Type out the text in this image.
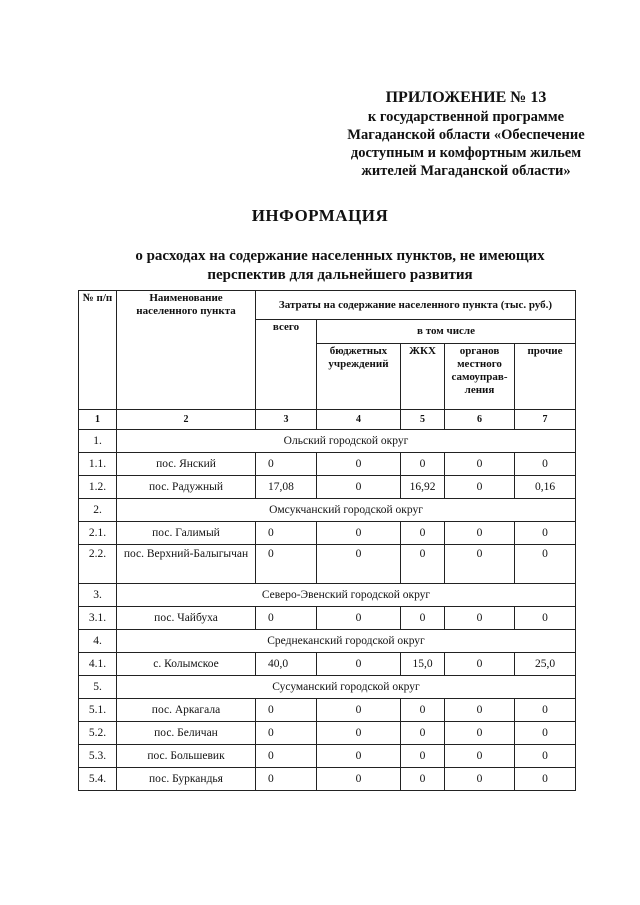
ПРИЛОЖЕНИЕ № 13
к государственной программе
Магаданской области «Обеспечение
доступным и комфортным жильем
жителей Магаданской области»
ИНФОРМАЦИЯ
о расходах на содержание населенных пунктов, не имеющих
перспектив для дальнейшего развития
№ п/п	Наименование населенного пункта	Затраты на содержание населенного пункта (тыс. руб.)				
		всего	в том числе			
			бюджетных учреждений	ЖКХ	органов местного самоуправ-ления	прочие
1	2	3	4	5	6	7
1.	Ольский городской округ					
1.1.	пос. Янский	0	0	0	0	0
1.2.	пос. Радужный	17,08	0	16,92	0	0,16
2.	Омсукчанский городской округ					
2.1.	пос. Галимый	0	0	0	0	0
2.2.	пос. Верхний-Балыгычан	0	0	0	0	0
3.	Северо-Эвенский городской округ					
3.1.	пос. Чайбуха	0	0	0	0	0
4.	Среднеканский городской округ					
4.1.	с. Колымское	40,0	0	15,0	0	25,0
5.	Сусуманский городской округ					
5.1.	пос. Аркагала	0	0	0	0	0
5.2.	пос. Беличан	0	0	0	0	0
5.3.	пос. Большевик	0	0	0	0	0
5.4.	пос. Буркандья	0	0	0	0	0
